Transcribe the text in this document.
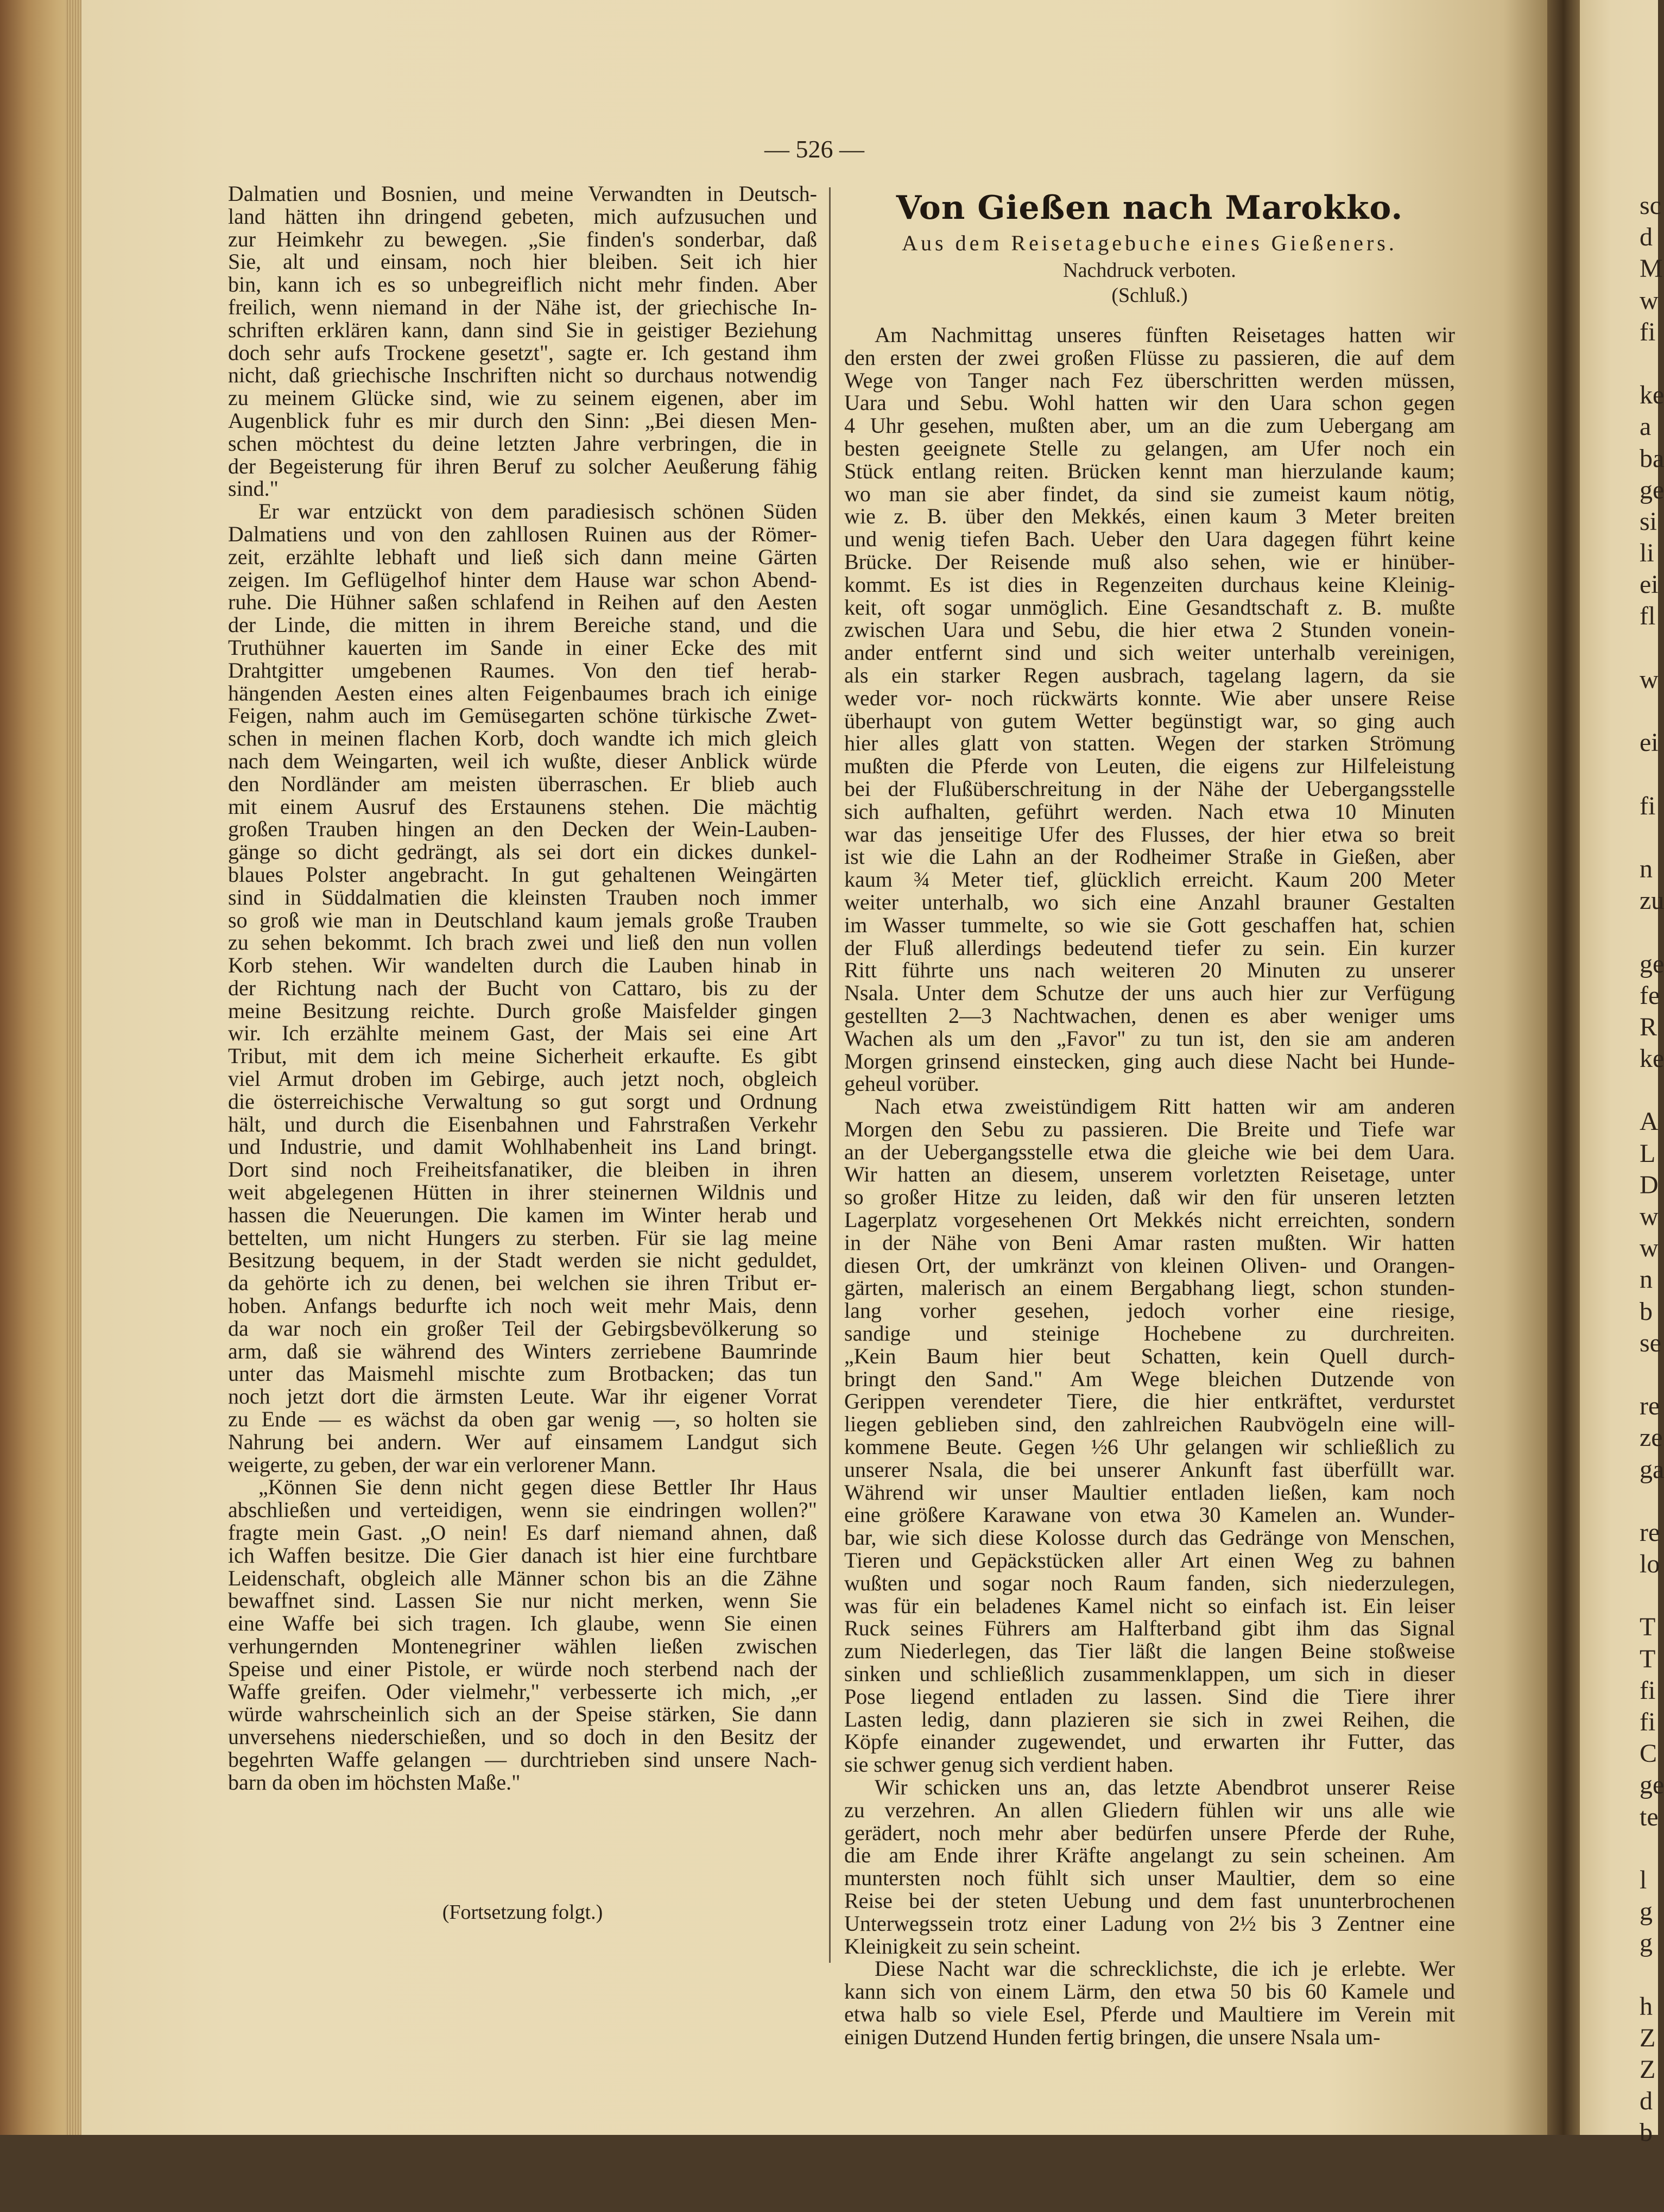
sc
d
M
w
fi
ke
a
ba
ge
si
li
ei
fl
w
ei
fi
n
zu
ge
fe
R
ke
A
L
D
w
w
n
b
se
re
ze
ga
re
lo
T
T
fi
fi
C
ge
te
l
g
g
h
Z
Z
d
b
— 526 —
Dalmatien und Bosnien, und meine Verwandten in Deutsch-
land hätten ihn dringend gebeten, mich aufzusuchen und
zur Heimkehr zu bewegen. „Sie finden's sonderbar, daß
Sie, alt und einsam, noch hier bleiben. Seit ich hier
bin, kann ich es so unbegreiflich nicht mehr finden. Aber
freilich, wenn niemand in der Nähe ist, der griechische In-
schriften erklären kann, dann sind Sie in geistiger Beziehung
doch sehr aufs Trockene gesetzt", sagte er. Ich gestand ihm
nicht, daß griechische Inschriften nicht so durchaus notwendig
zu meinem Glücke sind, wie zu seinem eigenen, aber im
Augenblick fuhr es mir durch den Sinn: „Bei diesen Men-
schen möchtest du deine letzten Jahre verbringen, die in
der Begeisterung für ihren Beruf zu solcher Aeußerung fähig
sind."
Er war entzückt von dem paradiesisch schönen Süden
Dalmatiens und von den zahllosen Ruinen aus der Römer-
zeit, erzählte lebhaft und ließ sich dann meine Gärten
zeigen. Im Geflügelhof hinter dem Hause war schon Abend-
ruhe. Die Hühner saßen schlafend in Reihen auf den Aesten
der Linde, die mitten in ihrem Bereiche stand, und die
Truthühner kauerten im Sande in einer Ecke des mit
Drahtgitter umgebenen Raumes. Von den tief herab-
hängenden Aesten eines alten Feigenbaumes brach ich einige
Feigen, nahm auch im Gemüsegarten schöne türkische Zwet-
schen in meinen flachen Korb, doch wandte ich mich gleich
nach dem Weingarten, weil ich wußte, dieser Anblick würde
den Nordländer am meisten überraschen. Er blieb auch
mit einem Ausruf des Erstaunens stehen. Die mächtig
großen Trauben hingen an den Decken der Wein-Lauben-
gänge so dicht gedrängt, als sei dort ein dickes dunkel-
blaues Polster angebracht. In gut gehaltenen Weingärten
sind in Süddalmatien die kleinsten Trauben noch immer
so groß wie man in Deutschland kaum jemals große Trauben
zu sehen bekommt. Ich brach zwei und ließ den nun vollen
Korb stehen. Wir wandelten durch die Lauben hinab in
der Richtung nach der Bucht von Cattaro, bis zu der
meine Besitzung reichte. Durch große Maisfelder gingen
wir. Ich erzählte meinem Gast, der Mais sei eine Art
Tribut, mit dem ich meine Sicherheit erkaufte. Es gibt
viel Armut droben im Gebirge, auch jetzt noch, obgleich
die österreichische Verwaltung so gut sorgt und Ordnung
hält, und durch die Eisenbahnen und Fahrstraßen Verkehr
und Industrie, und damit Wohlhabenheit ins Land bringt.
Dort sind noch Freiheitsfanatiker, die bleiben in ihren
weit abgelegenen Hütten in ihrer steinernen Wildnis und
hassen die Neuerungen. Die kamen im Winter herab und
bettelten, um nicht Hungers zu sterben. Für sie lag meine
Besitzung bequem, in der Stadt werden sie nicht geduldet,
da gehörte ich zu denen, bei welchen sie ihren Tribut er-
hoben. Anfangs bedurfte ich noch weit mehr Mais, denn
da war noch ein großer Teil der Gebirgsbevölkerung so
arm, daß sie während des Winters zerriebene Baumrinde
unter das Maismehl mischte zum Brotbacken; das tun
noch jetzt dort die ärmsten Leute. War ihr eigener Vorrat
zu Ende — es wächst da oben gar wenig —, so holten sie
Nahrung bei andern. Wer auf einsamem Landgut sich
weigerte, zu geben, der war ein verlorener Mann.
„Können Sie denn nicht gegen diese Bettler Ihr Haus
abschließen und verteidigen, wenn sie eindringen wollen?"
fragte mein Gast. „O nein! Es darf niemand ahnen, daß
ich Waffen besitze. Die Gier danach ist hier eine furchtbare
Leidenschaft, obgleich alle Männer schon bis an die Zähne
bewaffnet sind. Lassen Sie nur nicht merken, wenn Sie
eine Waffe bei sich tragen. Ich glaube, wenn Sie einen
verhungernden Montenegriner wählen ließen zwischen
Speise und einer Pistole, er würde noch sterbend nach der
Waffe greifen. Oder vielmehr," verbesserte ich mich, „er
würde wahrscheinlich sich an der Speise stärken, Sie dann
unversehens niederschießen, und so doch in den Besitz der
begehrten Waffe gelangen — durchtrieben sind unsere Nach-
barn da oben im höchsten Maße."
(Fortsetzung folgt.)
Von Gießen nach Marokko.
Aus dem Reisetagebuche eines Gießeners.
Nachdruck verboten.
(Schluß.)
Am Nachmittag unseres fünften Reisetages hatten wir
den ersten der zwei großen Flüsse zu passieren, die auf dem
Wege von Tanger nach Fez überschritten werden müssen,
Uara und Sebu. Wohl hatten wir den Uara schon gegen
4 Uhr gesehen, mußten aber, um an die zum Uebergang am
besten geeignete Stelle zu gelangen, am Ufer noch ein
Stück entlang reiten. Brücken kennt man hierzulande kaum;
wo man sie aber findet, da sind sie zumeist kaum nötig,
wie z. B. über den Mekkés, einen kaum 3 Meter breiten
und wenig tiefen Bach. Ueber den Uara dagegen führt keine
Brücke. Der Reisende muß also sehen, wie er hinüber-
kommt. Es ist dies in Regenzeiten durchaus keine Kleinig-
keit, oft sogar unmöglich. Eine Gesandtschaft z. B. mußte
zwischen Uara und Sebu, die hier etwa 2 Stunden vonein-
ander entfernt sind und sich weiter unterhalb vereinigen,
als ein starker Regen ausbrach, tagelang lagern, da sie
weder vor- noch rückwärts konnte. Wie aber unsere Reise
überhaupt von gutem Wetter begünstigt war, so ging auch
hier alles glatt von statten. Wegen der starken Strömung
mußten die Pferde von Leuten, die eigens zur Hilfeleistung
bei der Flußüberschreitung in der Nähe der Uebergangsstelle
sich aufhalten, geführt werden. Nach etwa 10 Minuten
war das jenseitige Ufer des Flusses, der hier etwa so breit
ist wie die Lahn an der Rodheimer Straße in Gießen, aber
kaum ¾ Meter tief, glücklich erreicht. Kaum 200 Meter
weiter unterhalb, wo sich eine Anzahl brauner Gestalten
im Wasser tummelte, so wie sie Gott geschaffen hat, schien
der Fluß allerdings bedeutend tiefer zu sein. Ein kurzer
Ritt führte uns nach weiteren 20 Minuten zu unserer
Nsala. Unter dem Schutze der uns auch hier zur Verfügung
gestellten 2—3 Nachtwachen, denen es aber weniger ums
Wachen als um den „Favor" zu tun ist, den sie am anderen
Morgen grinsend einstecken, ging auch diese Nacht bei Hunde-
geheul vorüber.
Nach etwa zweistündigem Ritt hatten wir am anderen
Morgen den Sebu zu passieren. Die Breite und Tiefe war
an der Uebergangsstelle etwa die gleiche wie bei dem Uara.
Wir hatten an diesem, unserem vorletzten Reisetage, unter
so großer Hitze zu leiden, daß wir den für unseren letzten
Lagerplatz vorgesehenen Ort Mekkés nicht erreichten, sondern
in der Nähe von Beni Amar rasten mußten. Wir hatten
diesen Ort, der umkränzt von kleinen Oliven- und Orangen-
gärten, malerisch an einem Bergabhang liegt, schon stunden-
lang vorher gesehen, jedoch vorher eine riesige,
sandige und steinige Hochebene zu durchreiten.
„Kein Baum hier beut Schatten, kein Quell durch-
bringt den Sand." Am Wege bleichen Dutzende von
Gerippen verendeter Tiere, die hier entkräftet, verdurstet
liegen geblieben sind, den zahlreichen Raubvögeln eine will-
kommene Beute. Gegen ½6 Uhr gelangen wir schließlich zu
unserer Nsala, die bei unserer Ankunft fast überfüllt war.
Während wir unser Maultier entladen ließen, kam noch
eine größere Karawane von etwa 30 Kamelen an. Wunder-
bar, wie sich diese Kolosse durch das Gedränge von Menschen,
Tieren und Gepäckstücken aller Art einen Weg zu bahnen
wußten und sogar noch Raum fanden, sich niederzulegen,
was für ein beladenes Kamel nicht so einfach ist. Ein leiser
Ruck seines Führers am Halfterband gibt ihm das Signal
zum Niederlegen, das Tier läßt die langen Beine stoßweise
sinken und schließlich zusammenklappen, um sich in dieser
Pose liegend entladen zu lassen. Sind die Tiere ihrer
Lasten ledig, dann plazieren sie sich in zwei Reihen, die
Köpfe einander zugewendet, und erwarten ihr Futter, das
sie schwer genug sich verdient haben.
Wir schicken uns an, das letzte Abendbrot unserer Reise
zu verzehren. An allen Gliedern fühlen wir uns alle wie
gerädert, noch mehr aber bedürfen unsere Pferde der Ruhe,
die am Ende ihrer Kräfte angelangt zu sein scheinen. Am
muntersten noch fühlt sich unser Maultier, dem so eine
Reise bei der steten Uebung und dem fast ununterbrochenen
Unterwegssein trotz einer Ladung von 2½ bis 3 Zentner eine
Kleinigkeit zu sein scheint.
Diese Nacht war die schrecklichste, die ich je erlebte. Wer
kann sich von einem Lärm, den etwa 50 bis 60 Kamele und
etwa halb so viele Esel, Pferde und Maultiere im Verein mit
einigen Dutzend Hunden fertig bringen, die unsere Nsala um-
